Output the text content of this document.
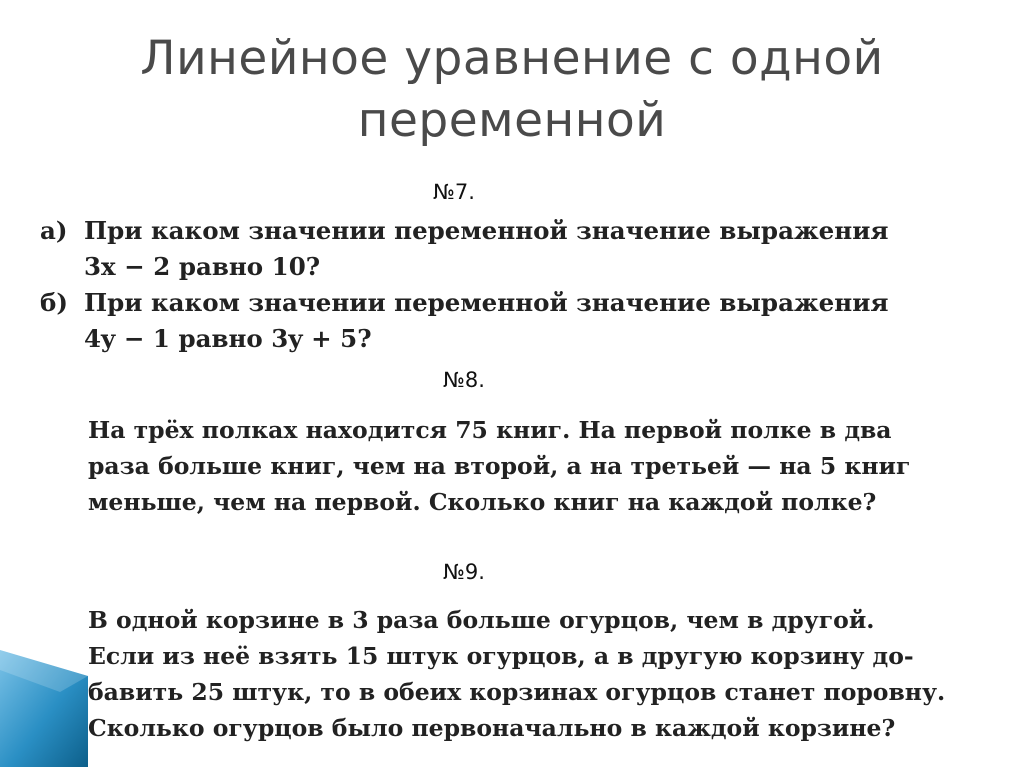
Линейное уравнение с одной
переменной
№7.
а) При каком значении переменной значение выражения
3x − 2 равно 10?
б) При каком значении переменной значение выражения
4y − 1 равно 3y + 5?
№8.
На трёх полках находится 75 книг. На первой полке в два
раза больше книг, чем на второй, а на третьей — на 5 книг
меньше, чем на первой. Сколько книг на каждой полке?
№9.
В одной корзине в 3 раза больше огурцов, чем в другой.
Если из неё взять 15 штук огурцов, а в другую корзину до-
бавить 25 штук, то в обеих корзинах огурцов станет поровну.
Сколько огурцов было первоначально в каждой корзине?
